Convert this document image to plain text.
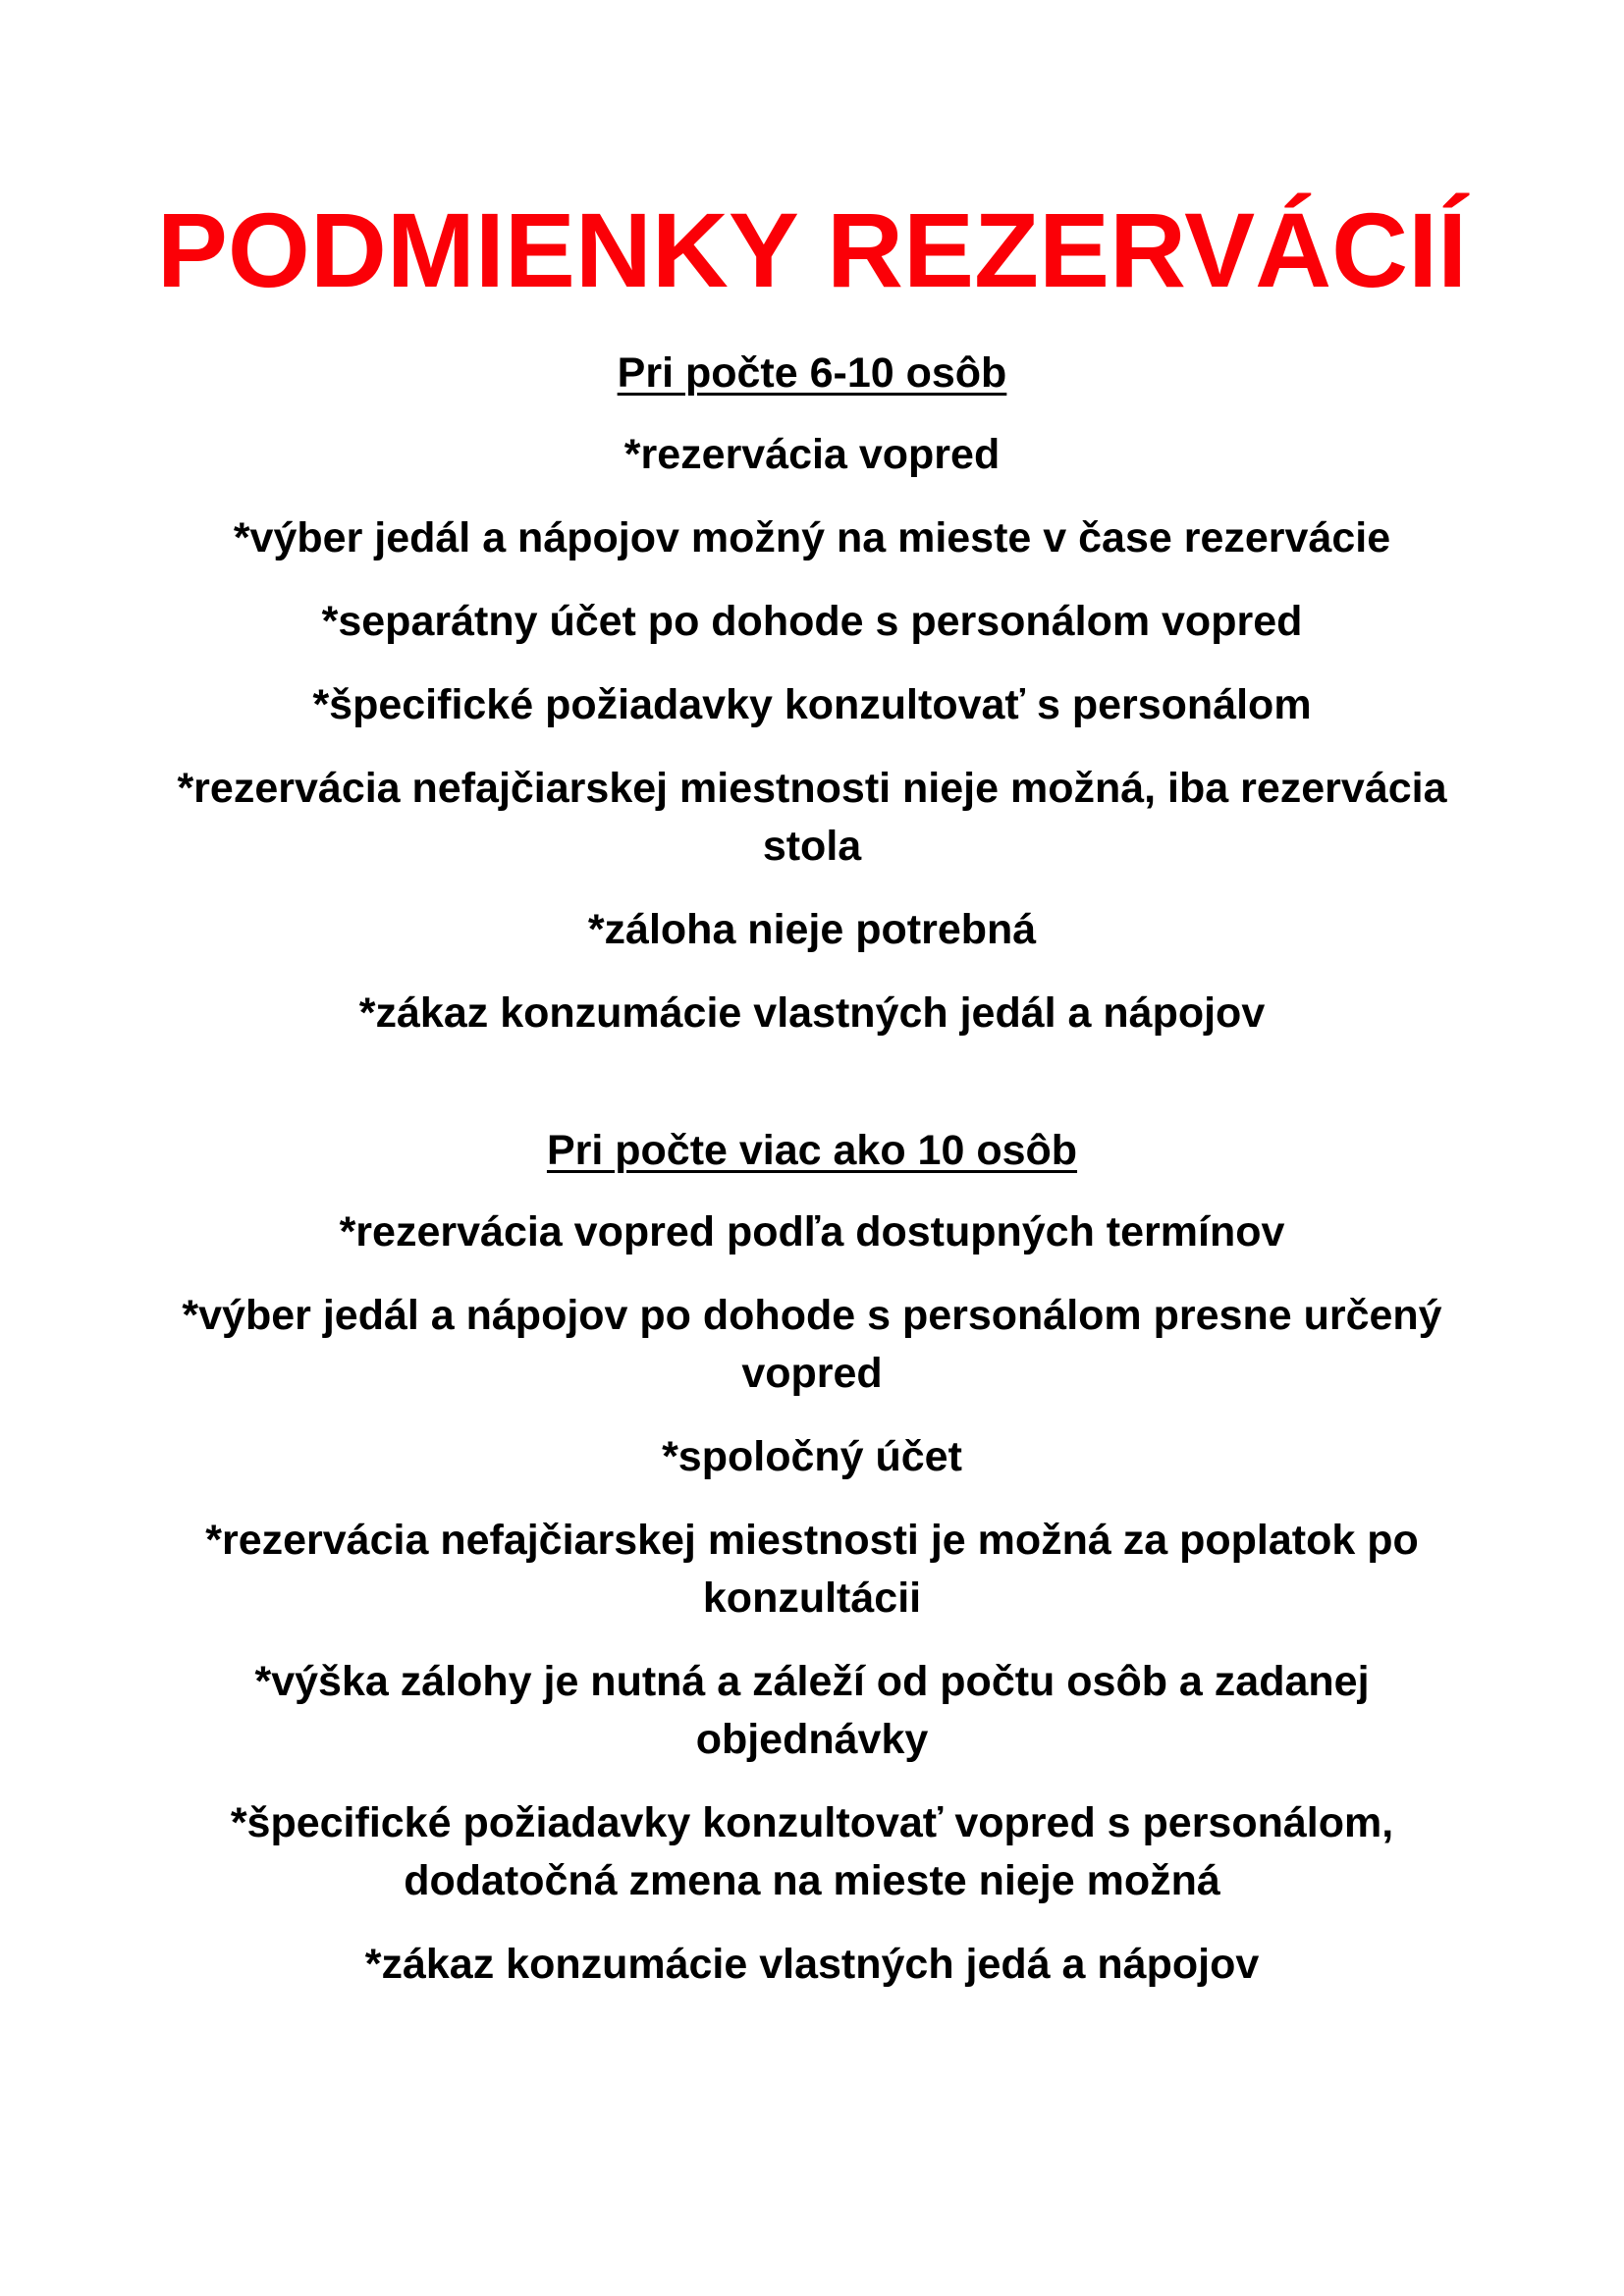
PODMIENKY REZERVÁCIÍ
Pri počte 6-10 osôb
*rezervácia vopred
*výber jedál a nápojov možný na mieste v čase rezervácie
*separátny účet po dohode s personálom vopred
*špecifické požiadavky konzultovať s personálom
*rezervácia nefajčiarskej miestnosti nieje možná, iba rezervácia stola
*záloha nieje potrebná
*zákaz konzumácie vlastných jedál a nápojov
Pri počte viac ako 10 osôb
*rezervácia vopred podľa dostupných termínov
*výber jedál a nápojov po dohode s personálom presne určený vopred
*spoločný účet
*rezervácia nefajčiarskej miestnosti je možná za poplatok po konzultácii
*výška zálohy je nutná a záleží od počtu osôb a zadanej objednávky
*špecifické požiadavky konzultovať vopred s personálom, dodatočná zmena na mieste nieje možná
*zákaz konzumácie vlastných jedá a nápojov
